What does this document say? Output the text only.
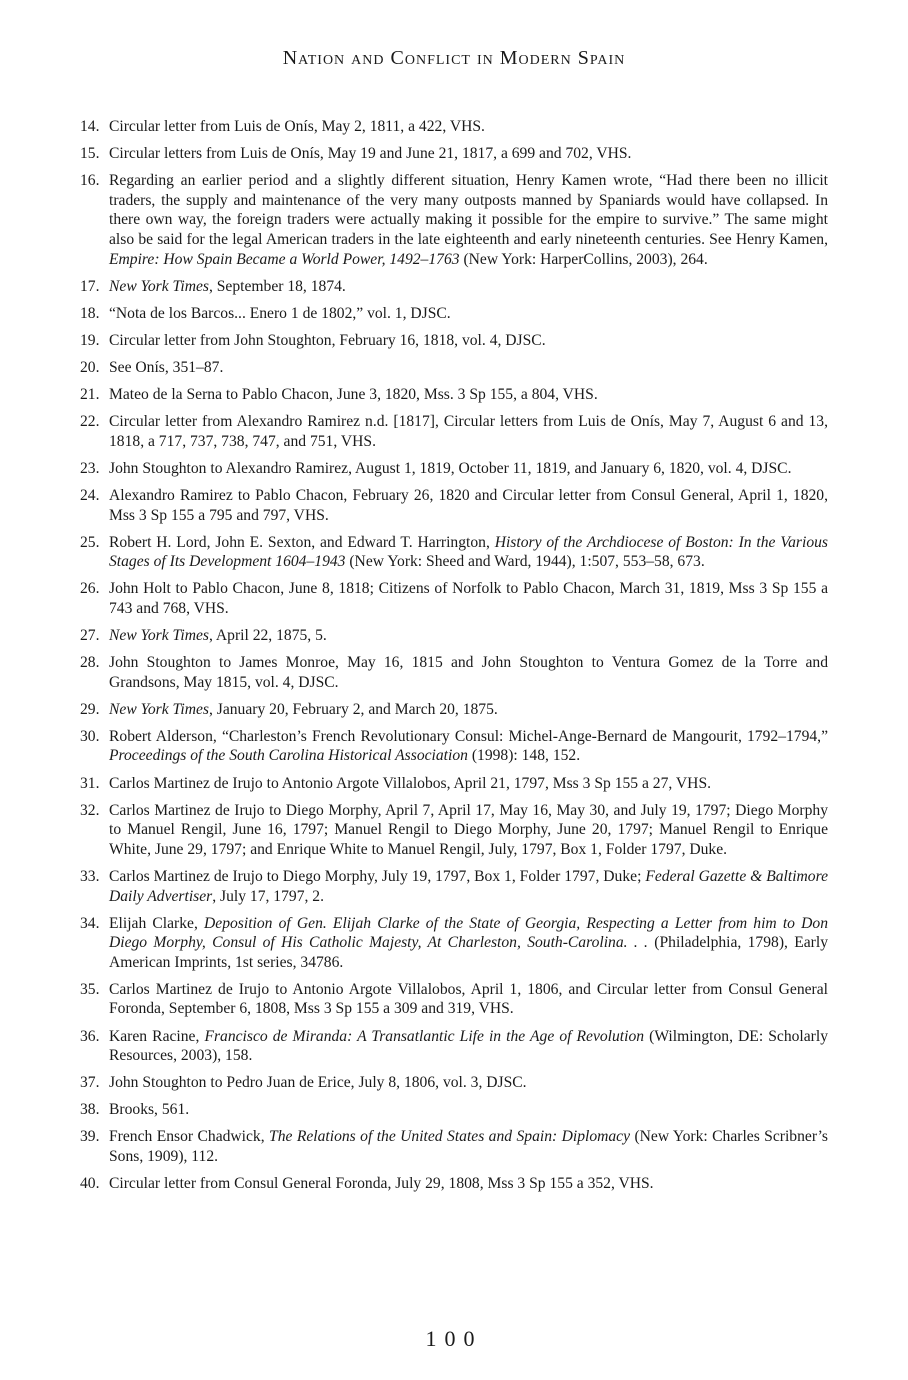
Nation and Conflict in Modern Spain
14. Circular letter from Luis de Onís, May 2, 1811, a 422, VHS.
15. Circular letters from Luis de Onís, May 19 and June 21, 1817, a 699 and 702, VHS.
16. Regarding an earlier period and a slightly different situation, Henry Kamen wrote, “Had there been no illicit traders, the supply and maintenance of the very many outposts manned by Spaniards would have collapsed. In there own way, the foreign traders were actually making it possible for the empire to survive.” The same might also be said for the legal American traders in the late eighteenth and early nineteenth centuries. See Henry Kamen, Empire: How Spain Became a World Power, 1492–1763 (New York: HarperCollins, 2003), 264.
17. New York Times, September 18, 1874.
18. “Nota de los Barcos... Enero 1 de 1802,” vol. 1, DJSC.
19. Circular letter from John Stoughton, February 16, 1818, vol. 4, DJSC.
20. See Onís, 351–87.
21. Mateo de la Serna to Pablo Chacon, June 3, 1820, Mss. 3 Sp 155, a 804, VHS.
22. Circular letter from Alexandro Ramirez n.d. [1817], Circular letters from Luis de Onís, May 7, August 6 and 13, 1818, a 717, 737, 738, 747, and 751, VHS.
23. John Stoughton to Alexandro Ramirez, August 1, 1819, October 11, 1819, and January 6, 1820, vol. 4, DJSC.
24. Alexandro Ramirez to Pablo Chacon, February 26, 1820 and Circular letter from Consul General, April 1, 1820, Mss 3 Sp 155 a 795 and 797, VHS.
25. Robert H. Lord, John E. Sexton, and Edward T. Harrington, History of the Archdiocese of Boston: In the Various Stages of Its Development 1604–1943 (New York: Sheed and Ward, 1944), 1:507, 553–58, 673.
26. John Holt to Pablo Chacon, June 8, 1818; Citizens of Norfolk to Pablo Chacon, March 31, 1819, Mss 3 Sp 155 a 743 and 768, VHS.
27. New York Times, April 22, 1875, 5.
28. John Stoughton to James Monroe, May 16, 1815 and John Stoughton to Ventura Gomez de la Torre and Grandsons, May 1815, vol. 4, DJSC.
29. New York Times, January 20, February 2, and March 20, 1875.
30. Robert Alderson, “Charleston’s French Revolutionary Consul: Michel-Ange-Bernard de Mangourit, 1792–1794,” Proceedings of the South Carolina Historical Association (1998): 148, 152.
31. Carlos Martinez de Irujo to Antonio Argote Villalobos, April 21, 1797, Mss 3 Sp 155 a 27, VHS.
32. Carlos Martinez de Irujo to Diego Morphy, April 7, April 17, May 16, May 30, and July 19, 1797; Diego Morphy to Manuel Rengil, June 16, 1797; Manuel Rengil to Diego Morphy, June 20, 1797; Manuel Rengil to Enrique White, June 29, 1797; and Enrique White to Manuel Rengil, July, 1797, Box 1, Folder 1797, Duke.
33. Carlos Martinez de Irujo to Diego Morphy, July 19, 1797, Box 1, Folder 1797, Duke; Federal Gazette & Baltimore Daily Advertiser, July 17, 1797, 2.
34. Elijah Clarke, Deposition of Gen. Elijah Clarke of the State of Georgia, Respecting a Letter from him to Don Diego Morphy, Consul of His Catholic Majesty, At Charleston, South-Carolina. . . (Philadelphia, 1798), Early American Imprints, 1st series, 34786.
35. Carlos Martinez de Irujo to Antonio Argote Villalobos, April 1, 1806, and Circular letter from Consul General Foronda, September 6, 1808, Mss 3 Sp 155 a 309 and 319, VHS.
36. Karen Racine, Francisco de Miranda: A Transatlantic Life in the Age of Revolution (Wilmington, DE: Scholarly Resources, 2003), 158.
37. John Stoughton to Pedro Juan de Erice, July 8, 1806, vol. 3, DJSC.
38. Brooks, 561.
39. French Ensor Chadwick, The Relations of the United States and Spain: Diplomacy (New York: Charles Scribner’s Sons, 1909), 112.
40. Circular letter from Consul General Foronda, July 29, 1808, Mss 3 Sp 155 a 352, VHS.
100
